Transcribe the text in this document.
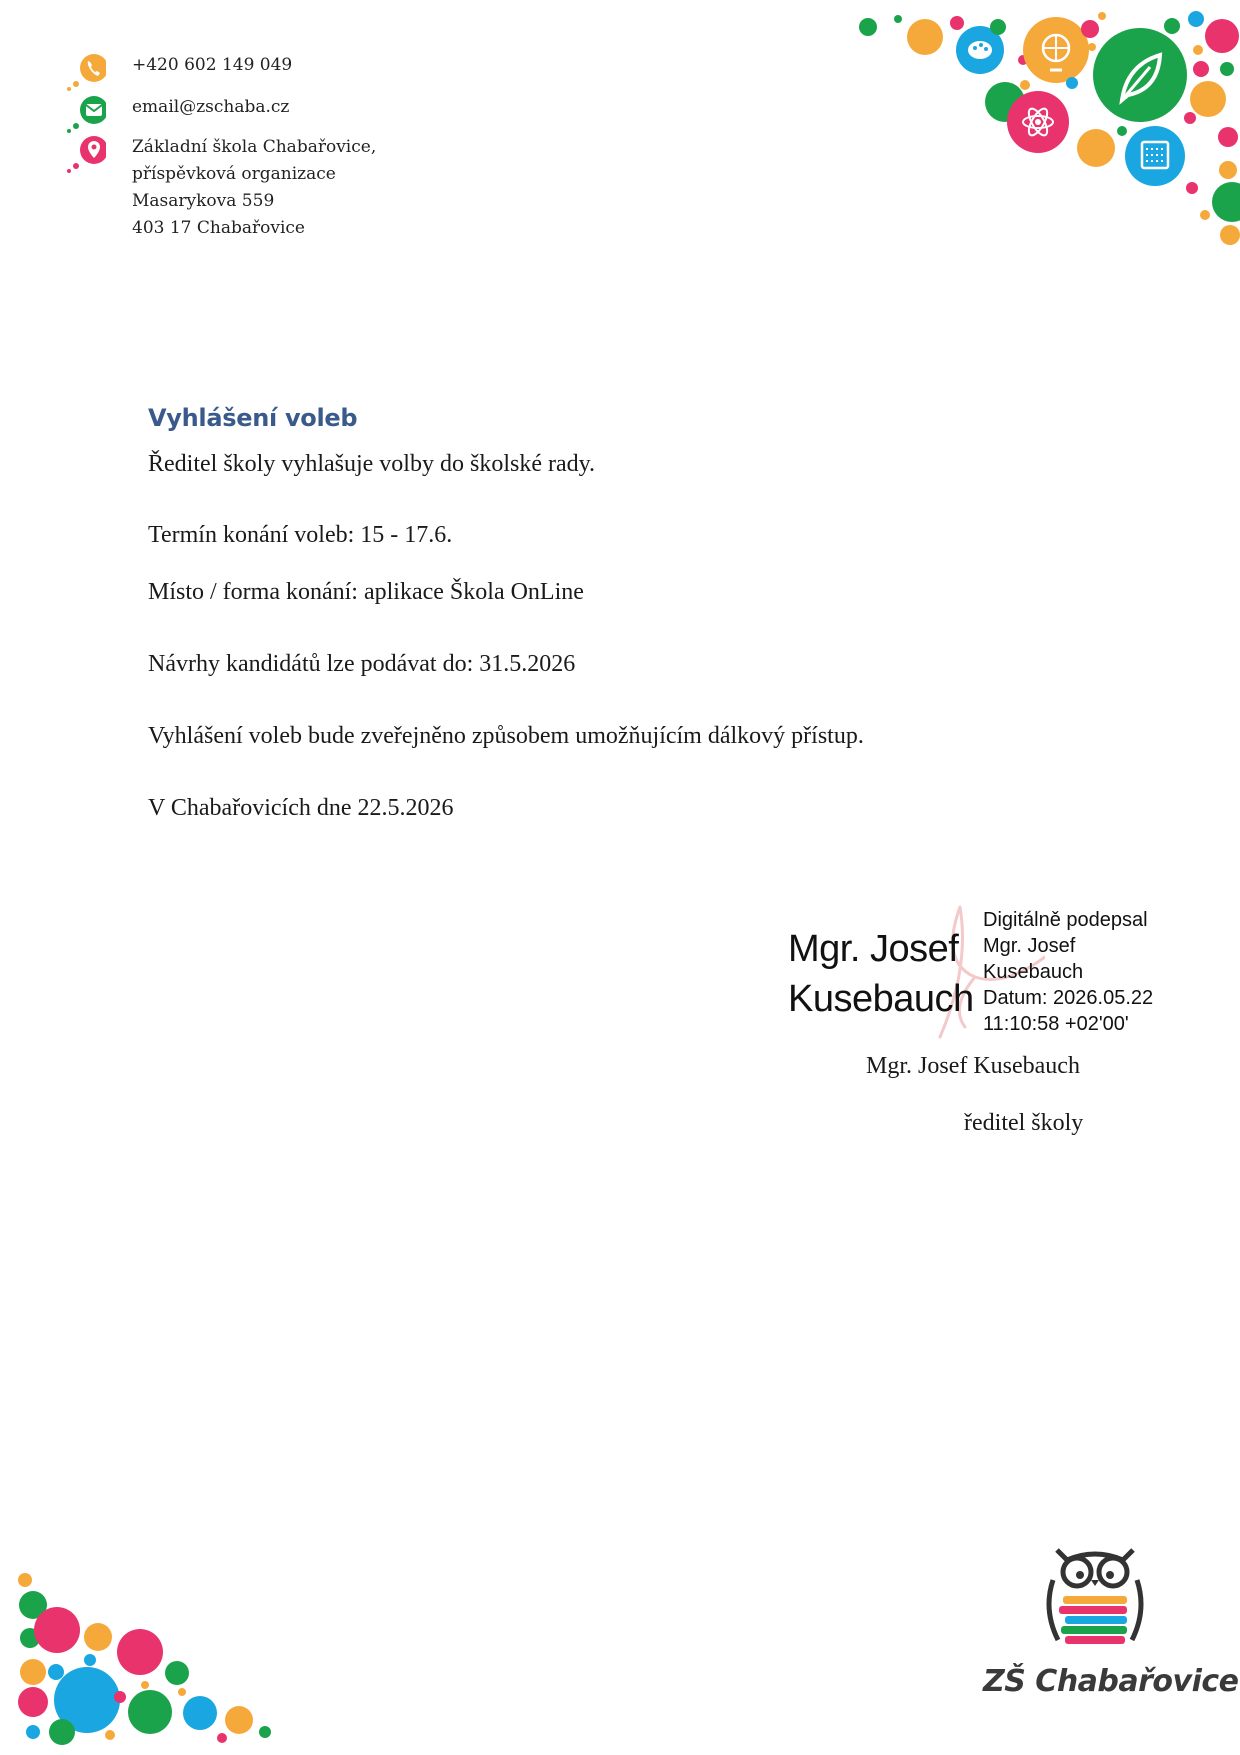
+420 602 149 049
email@zschaba.cz
Základní škola Chabařovice,
příspěvková organizace
Masarykova 559
403 17 Chabařovice
Vyhlášení voleb
Ředitel školy vyhlašuje volby do školské rady.
Termín konání voleb: 15 - 17.6.
Místo / forma konání: aplikace Škola OnLine
Návrhy kandidátů lze podávat do: 31.5.2026
Vyhlášení voleb bude zveřejněno způsobem umožňujícím dálkový přístup.
V Chabařovicích dne 22.5.2026
Mgr. Josef
Kusebauch
Digitálně podepsal
Mgr. Josef
Kusebauch
Datum: 2026.05.22
11:10:58 +02'00'
Mgr. Josef Kusebauch
ředitel školy
ZŠ Chabařovice
